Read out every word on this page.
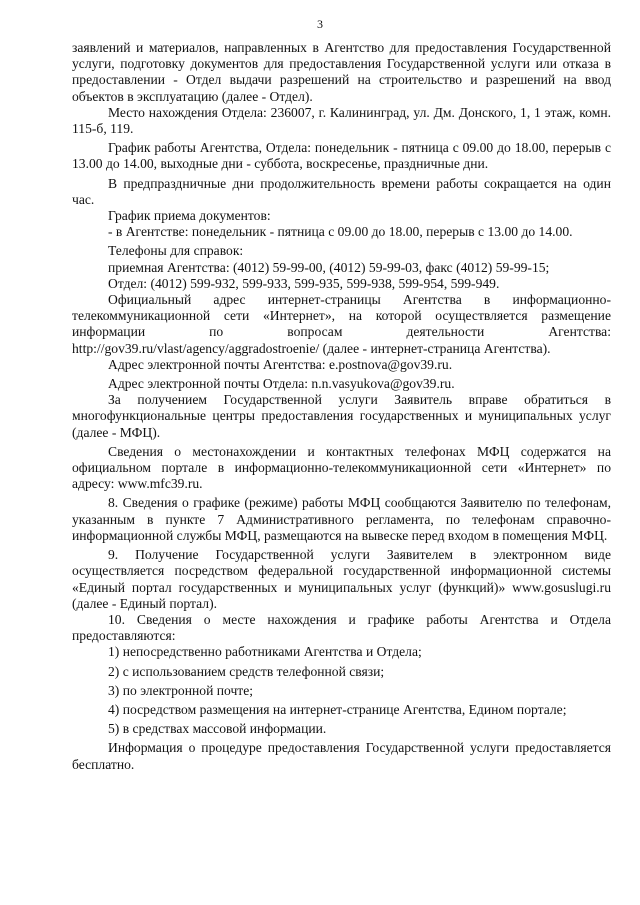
3

заявлений и материалов, направленных в Агентство для предоставления Государственной услуги, подготовку документов для предоставления Государственной услуги или отказа в предоставлении - Отдел выдачи разрешений на строительство и разрешений на ввод объектов в эксплуатацию (далее - Отдел).

Место нахождения Отдела: 236007, г. Калининград, ул. Дм. Донского, 1, 1 этаж, комн. 115-б, 119.

График работы Агентства, Отдела: понедельник - пятница с 09.00 до 18.00, перерыв с 13.00 до 14.00, выходные дни - суббота, воскресенье, праздничные дни.

В предпраздничные дни продолжительность времени работы сокращается на один час.

График приема документов:

- в Агентстве: понедельник - пятница с 09.00 до 18.00, перерыв с 13.00 до 14.00.

Телефоны для справок:

приемная Агентства: (4012) 59-99-00, (4012) 59-99-03, факс (4012) 59-99-15;

Отдел: (4012) 599-932, 599-933, 599-935, 599-938, 599-954, 599-949.

Официальный адрес интернет-страницы Агентства в информационно-телекоммуникационной сети «Интернет», на которой осуществляется размещение информации по вопросам деятельности Агентства: http://gov39.ru/vlast/agency/aggradostroenie/ (далее - интернет-страница Агентства).

Адрес электронной почты Агентства: e.postnova@gov39.ru.

Адрес электронной почты Отдела: n.n.vasyukova@gov39.ru.

За получением Государственной услуги Заявитель вправе обратиться в многофункциональные центры предоставления государственных и муниципальных услуг (далее - МФЦ).

Сведения о местонахождении и контактных телефонах МФЦ содержатся на официальном портале в информационно-телекоммуникационной сети «Интернет» по адресу: www.mfc39.ru.

8. Сведения о графике (режиме) работы МФЦ сообщаются Заявителю по телефонам, указанным в пункте 7 Административного регламента, по телефонам справочно-информационной службы МФЦ, размещаются на вывеске перед входом в помещения МФЦ.

9. Получение Государственной услуги Заявителем в электронном виде осуществляется посредством федеральной государственной информационной системы «Единый портал государственных и муниципальных услуг (функций)» www.gosuslugi.ru (далее - Единый портал).

10. Сведения о месте нахождения и графике работы Агентства и Отдела предоставляются:

1) непосредственно работниками Агентства и Отдела;

2) с использованием средств телефонной связи;

3) по электронной почте;

4) посредством размещения на интернет-странице Агентства, Едином портале;

5) в средствах массовой информации.

Информация о процедуре предоставления Государственной услуги предоставляется бесплатно.
